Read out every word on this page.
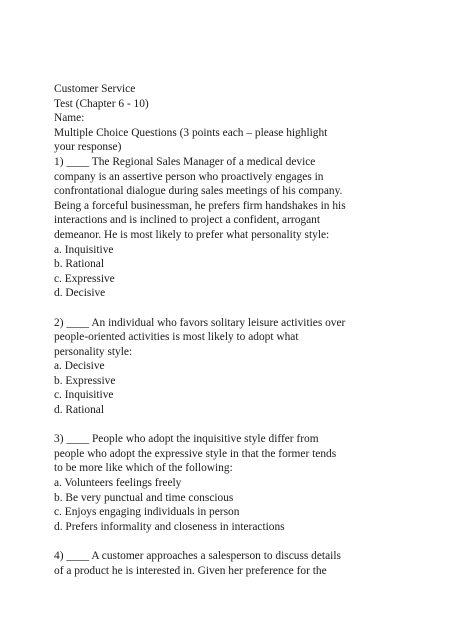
Customer Service
Test (Chapter 6 - 10)
Name:
Multiple Choice Questions (3 points each – please highlight
your response)
1) ____ The Regional Sales Manager of a medical device
company is an assertive person who proactively engages in
confrontational dialogue during sales meetings of his company.
Being a forceful businessman, he prefers firm handshakes in his
interactions and is inclined to project a confident, arrogant
demeanor. He is most likely to prefer what personality style:
a. Inquisitive
b. Rational
c. Expressive
d. Decisive
2) ____ An individual who favors solitary leisure activities over
people-oriented activities is most likely to adopt what
personality style:
a. Decisive
b. Expressive
c. Inquisitive
d. Rational
3) ____ People who adopt the inquisitive style differ from
people who adopt the expressive style in that the former tends
to be more like which of the following:
a. Volunteers feelings freely
b. Be very punctual and time conscious
c. Enjoys engaging individuals in person
d. Prefers informality and closeness in interactions
4) ____ A customer approaches a salesperson to discuss details
of a product he is interested in. Given her preference for the
